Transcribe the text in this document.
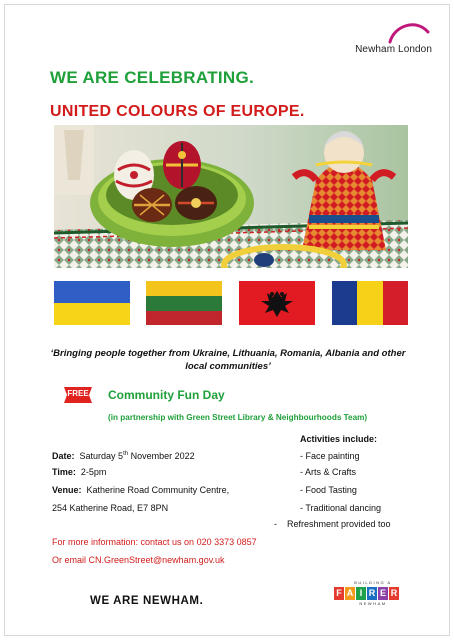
Newham London
WE ARE CELEBRATING.
UNITED COLOURS OF EUROPE.
‘Bringing people together from Ukraine, Lithuania, Romania, Albania and other local communities’
FREE	Community Fun Day
(in partnership with Green Street Library & Neighbourhoods Team)
Activities include:
Date: Saturday 5th November 2022
Time: 2-5pm
Venue: Katherine Road Community Centre,
254 Katherine Road, E7 8PN
- Face painting
- Arts & Crafts
- Food Tasting
- Traditional dancing
-    Refreshment provided too
For more information: contact us on 020 3373 0857
Or email CN.GreenStreet@newham.gov.uk
WE ARE NEWHAM.
BUILDING A
F A I R E R
NEWHAM
